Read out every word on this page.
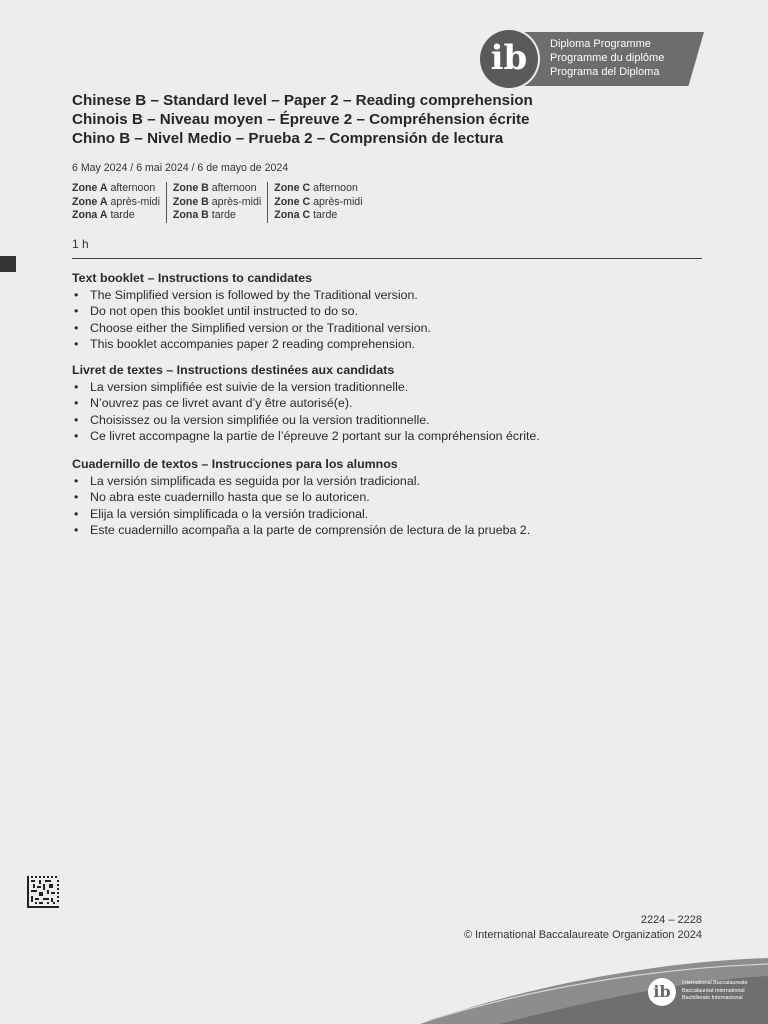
ib	Diploma Programme
Programme du diplôme
Programa del Diploma
Chinese B – Standard level – Paper 2 – Reading comprehension
Chinois B – Niveau moyen – Épreuve 2 – Compréhension écrite
Chino B – Nivel Medio – Prueba 2 – Comprensión de lectura
6 May 2024 / 6 mai 2024 / 6 de mayo de 2024
Zone A afternoon
Zone A après-midi
Zona A tarde
Zone B afternoon
Zone B après-midi
Zona B tarde
Zone C afternoon
Zone C après-midi
Zona C tarde
1 h
Text booklet – Instructions to candidates
• The Simplified version is followed by the Traditional version.
• Do not open this booklet until instructed to do so.
• Choose either the Simplified version or the Traditional version.
• This booklet accompanies paper 2 reading comprehension.
Livret de textes – Instructions destinées aux candidats
• La version simplifiée est suivie de la version traditionnelle.
• N’ouvrez pas ce livret avant d’y être autorisé(e).
• Choisissez ou la version simplifiée ou la version traditionnelle.
• Ce livret accompagne la partie de l’épreuve 2 portant sur la compréhension écrite.
Cuadernillo de textos – Instrucciones para los alumnos
• La versión simplificada es seguida por la versión tradicional.
• No abra este cuadernillo hasta que se lo autoricen.
• Elija la versión simplificada o la versión tradicional.
• Este cuadernillo acompaña a la parte de comprensión de lectura de la prueba 2.
2224 – 2228
© International Baccalaureate Organization 2024
ib	International Baccalaureate
Baccalauréat International
Bachillerato Internacional
